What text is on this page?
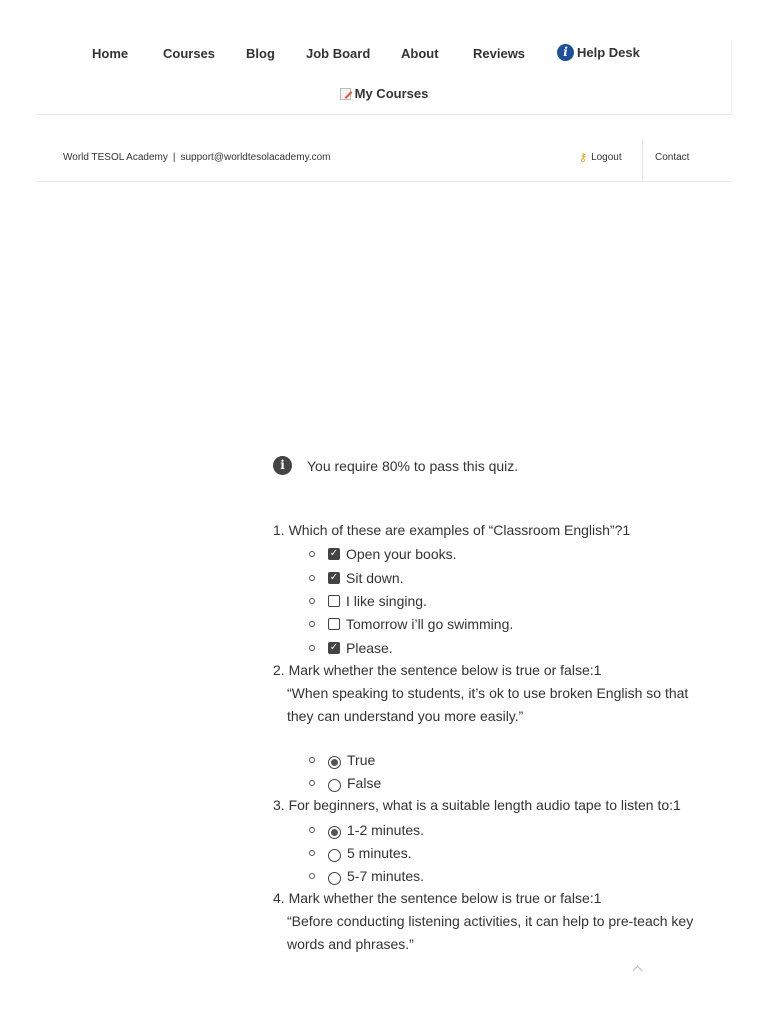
Home	Courses Blog Job Board About	Reviews	i Help Desk
My Courses
World TESOL Academy | support@worldtesolacademy.com	⚷ Logout	Contact
i	You require 80% to pass this quiz.
1. Which of these are examples of “Classroom English”?1
✓ Open your books.
✓ Sit down.
I like singing.
Tomorrow i’ll go swimming.
✓ Please.
2. Mark whether the sentence below is true or false:1
“When speaking to students, it’s ok to use broken English so that they can understand you more easily.”
True
False
3. For beginners, what is a suitable length audio tape to listen to:1
1-2 minutes.
5 minutes.
5-7 minutes.
4. Mark whether the sentence below is true or false:1
“Before conducting listening activities, it can help to pre-teach key words and phrases.”
